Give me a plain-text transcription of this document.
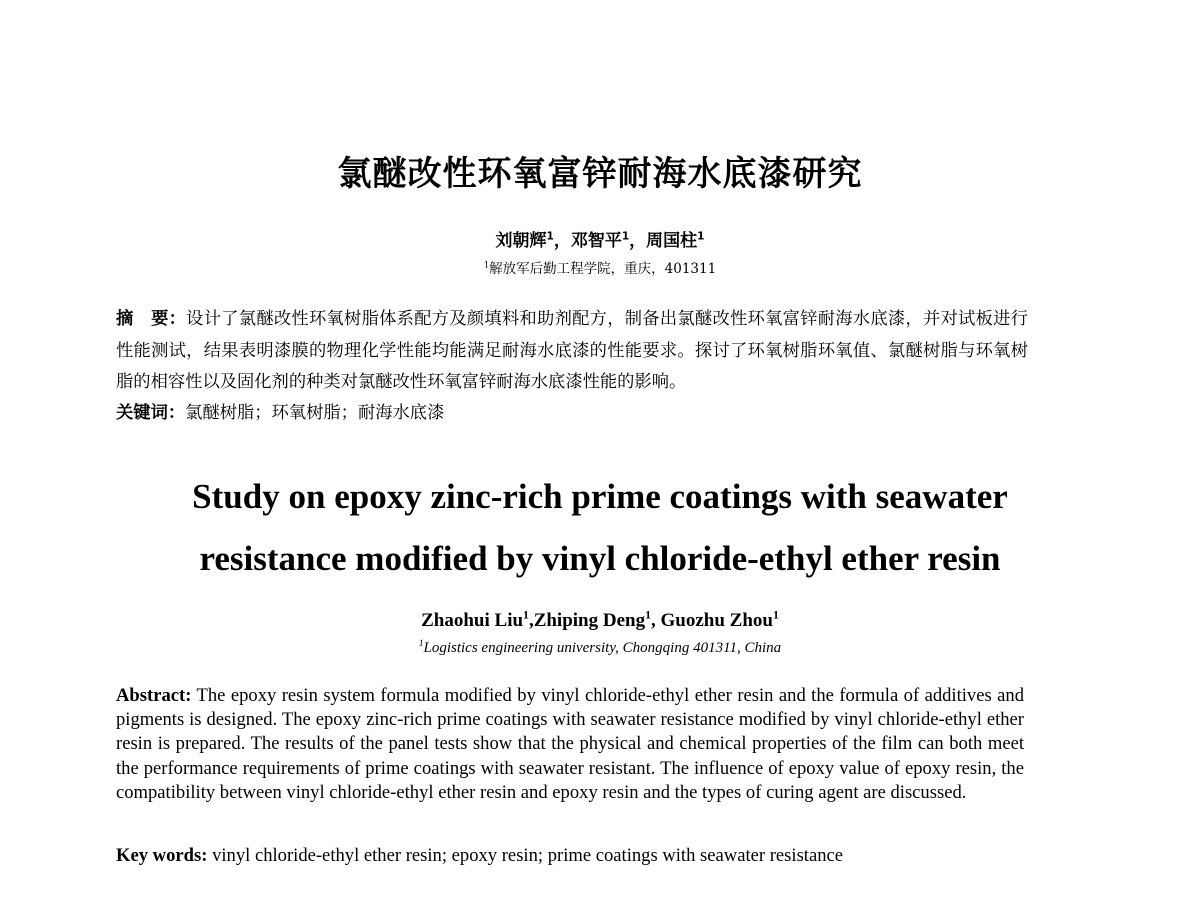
氯醚改性环氧富锌耐海水底漆研究
刘朝辉$^1$，邓智平$^1$，周国柱$^1$
$^1$解放军后勤工程学院，重庆，401311
摘　要：设计了氯醚改性环氧树脂体系配方及颜填料和助剂配方，制备出氯醚改性环氧富锌耐海水底漆，并对试板进行性能测试，结果表明漆膜的物理化学性能均能满足耐海水底漆的性能要求。探讨了环氧树脂环氧值、氯醚树脂与环氧树脂的相容性以及固化剂的种类对氯醚改性环氧富锌耐海水底漆性能的影响。
关键词：氯醚树脂；环氧树脂；耐海水底漆
Study on epoxy zinc-rich prime coatings with seawater
resistance modified by vinyl chloride-ethyl ether resin
Zhaohui Liu$^1$,Zhiping Deng$^1$, Guozhu Zhou$^1$
$^1$Logistics engineering university, Chongqing 401311, China
Abstract: The epoxy resin system formula modified by vinyl chloride-ethyl ether resin and the formula of additives and pigments is designed. The epoxy zinc-rich prime coatings with seawater resistance modified by vinyl chloride-ethyl ether resin is prepared. The results of the panel tests show that the physical and chemical properties of the film can both meet the performance requirements of prime coatings with seawater resistant. The influence of epoxy value of epoxy resin, the compatibility between vinyl chloride-ethyl ether resin and epoxy resin and the types of curing agent are discussed.
Key words: vinyl chloride-ethyl ether resin; epoxy resin; prime coatings with seawater resistance
